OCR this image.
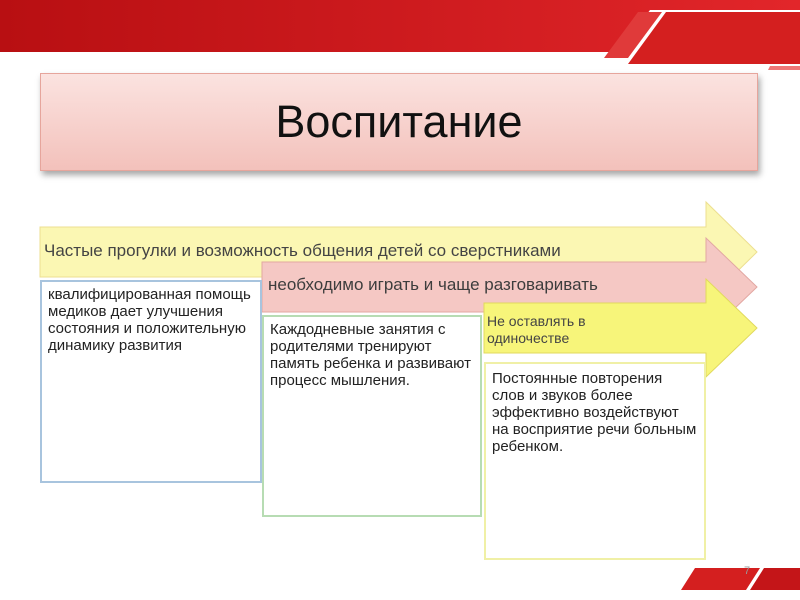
Воспитание
Частые прогулки и возможность общения детей со сверстниками
необходимо играть и чаще разговаривать
Не оставлять в одиночестве
квалифицированная помощь медиков дает улучшения состояния и положительную динамику развития
Каждодневные занятия с родителями тренируют память ребенка и развивают процесс мышления.	Постоянные повторения слов и звуков более эффективно воздействуют на восприятие речи больным ребенком.
7
